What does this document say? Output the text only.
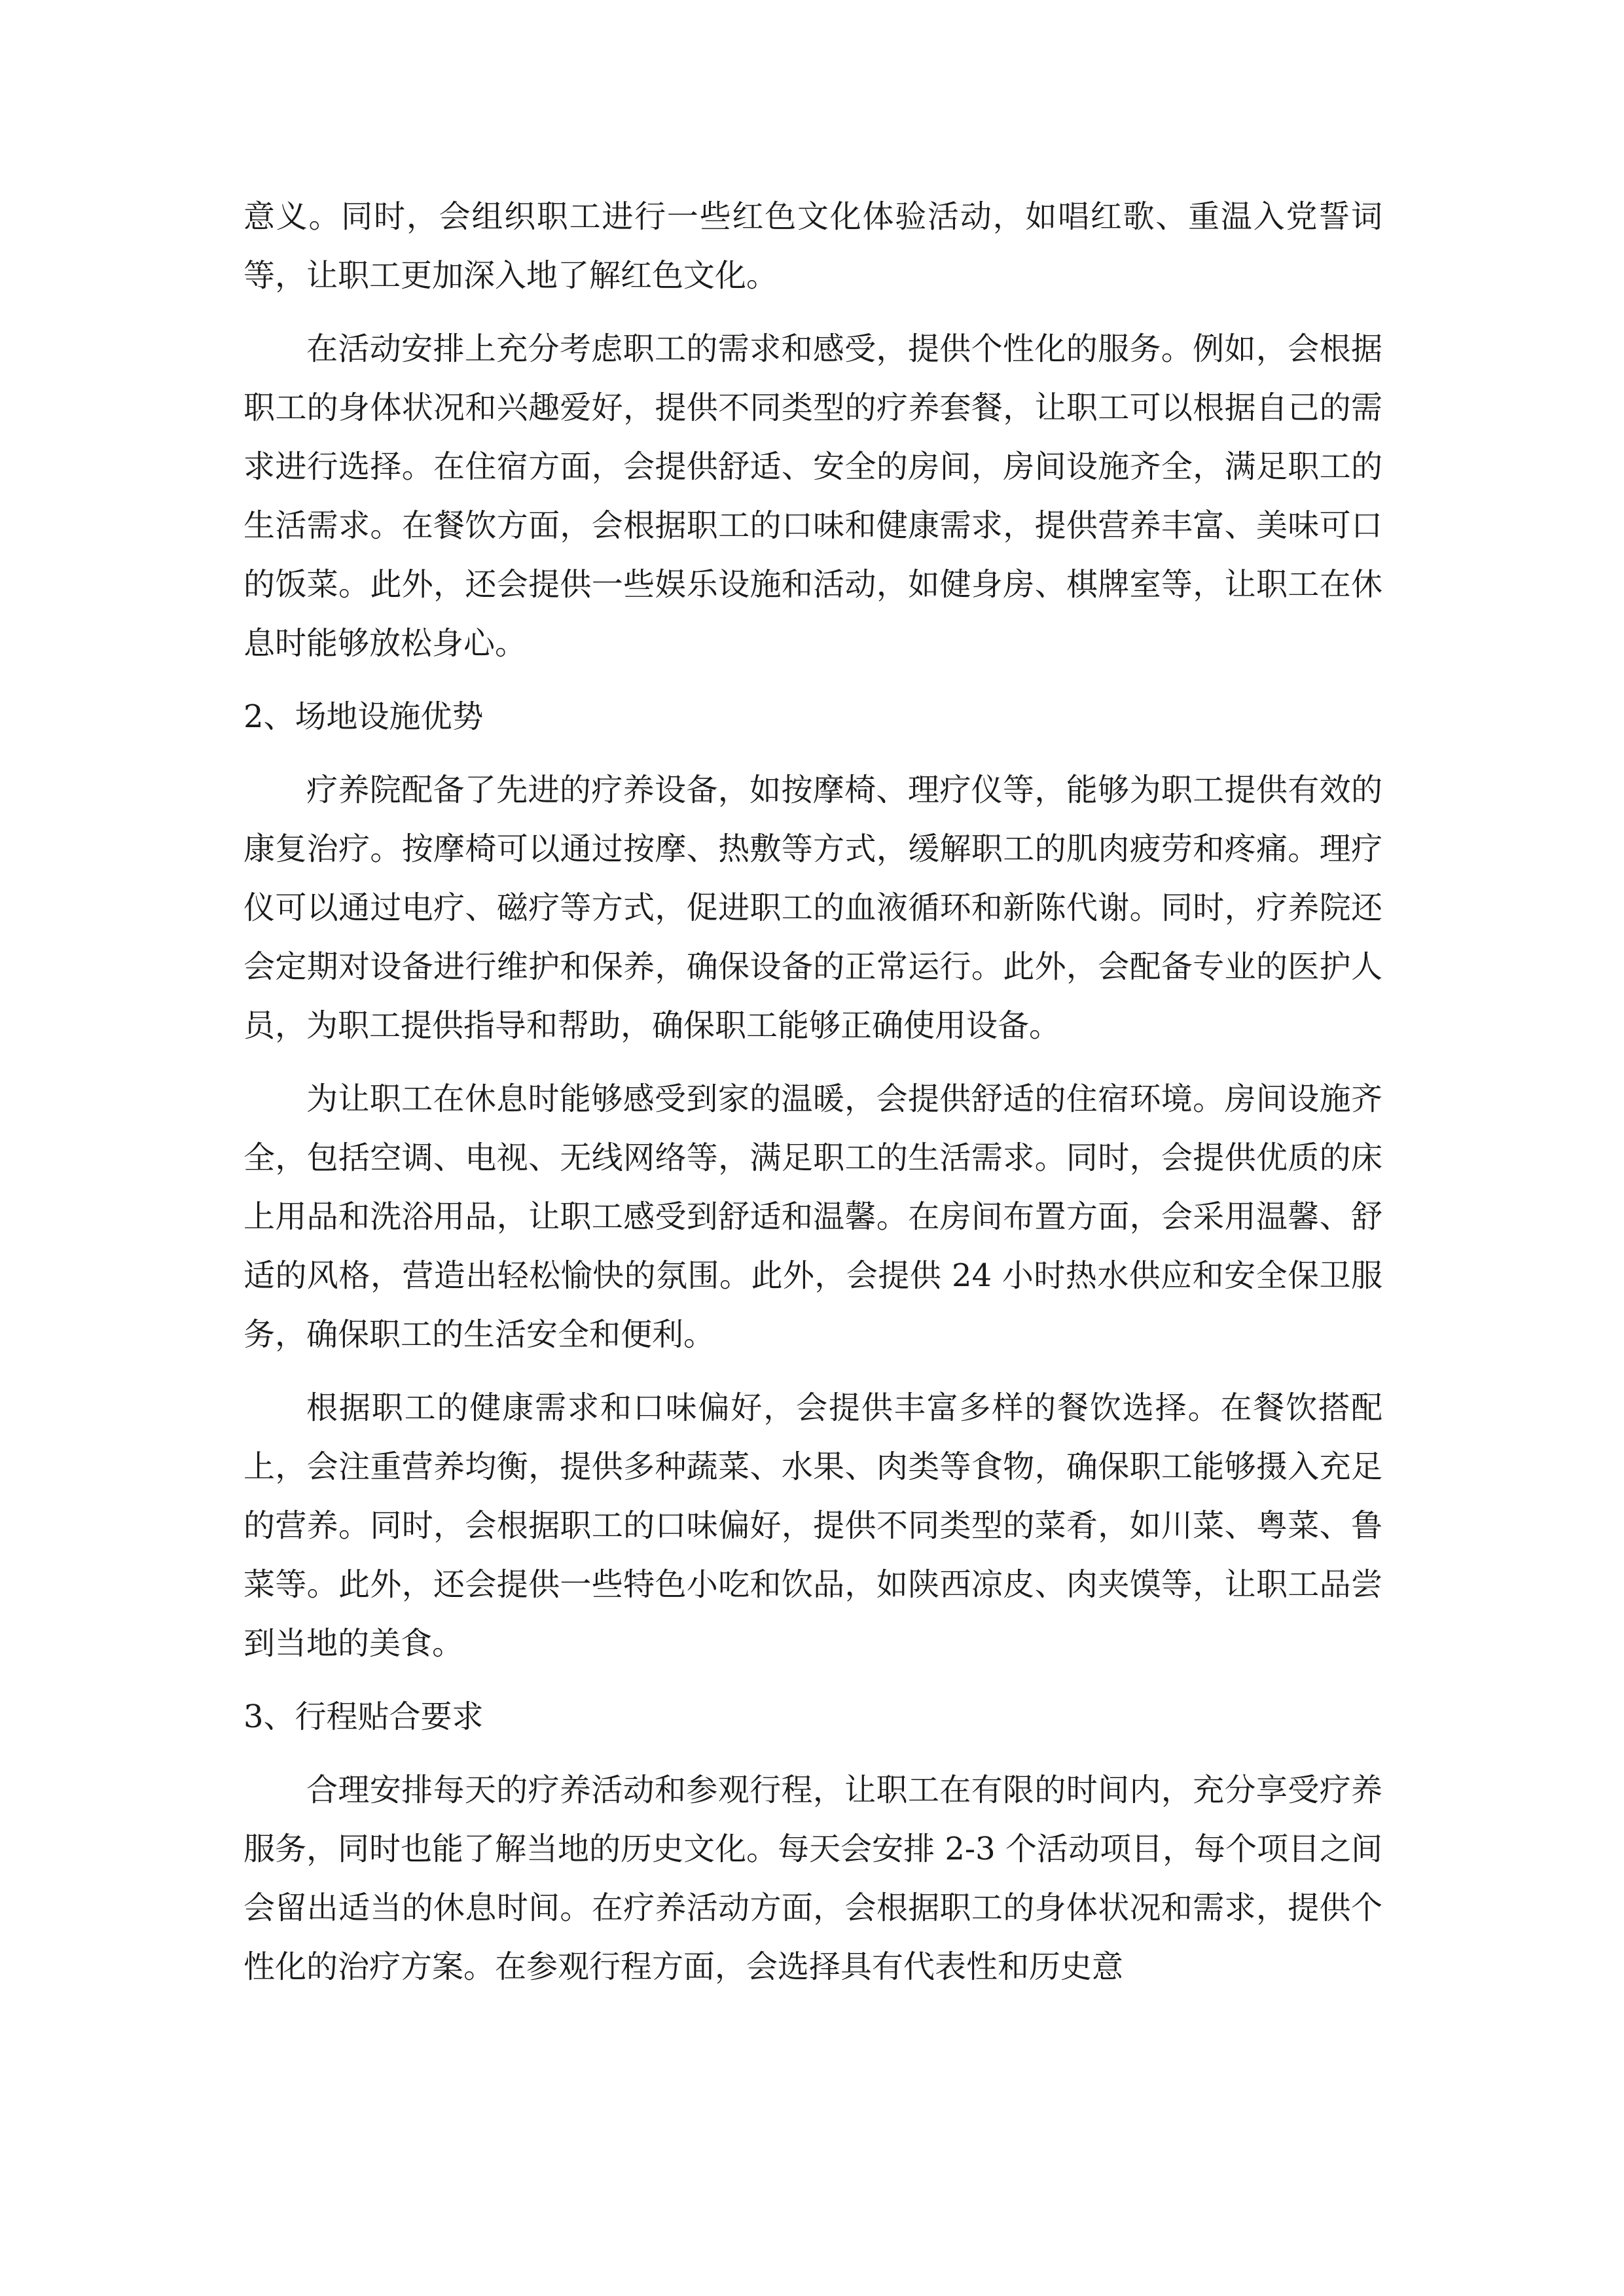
意义。同时，会组织职工进行一些红色文化体验活动，如唱红歌、重温入党誓词等，让职工更加深入地了解红色文化。

在活动安排上充分考虑职工的需求和感受，提供个性化的服务。例如，会根据职工的身体状况和兴趣爱好，提供不同类型的疗养套餐，让职工可以根据自己的需求进行选择。在住宿方面，会提供舒适、安全的房间，房间设施齐全，满足职工的生活需求。在餐饮方面，会根据职工的口味和健康需求，提供营养丰富、美味可口的饭菜。此外，还会提供一些娱乐设施和活动，如健身房、棋牌室等，让职工在休息时能够放松身心。

2、场地设施优势

疗养院配备了先进的疗养设备，如按摩椅、理疗仪等，能够为职工提供有效的康复治疗。按摩椅可以通过按摩、热敷等方式，缓解职工的肌肉疲劳和疼痛。理疗仪可以通过电疗、磁疗等方式，促进职工的血液循环和新陈代谢。同时，疗养院还会定期对设备进行维护和保养，确保设备的正常运行。此外，会配备专业的医护人员，为职工提供指导和帮助，确保职工能够正确使用设备。

为让职工在休息时能够感受到家的温暖，会提供舒适的住宿环境。房间设施齐全，包括空调、电视、无线网络等，满足职工的生活需求。同时，会提供优质的床上用品和洗浴用品，让职工感受到舒适和温馨。在房间布置方面，会采用温馨、舒适的风格，营造出轻松愉快的氛围。此外，会提供 24 小时热水供应和安全保卫服务，确保职工的生活安全和便利。

根据职工的健康需求和口味偏好，会提供丰富多样的餐饮选择。在餐饮搭配上，会注重营养均衡，提供多种蔬菜、水果、肉类等食物，确保职工能够摄入充足的营养。同时，会根据职工的口味偏好，提供不同类型的菜肴，如川菜、粤菜、鲁菜等。此外，还会提供一些特色小吃和饮品，如陕西凉皮、肉夹馍等，让职工品尝到当地的美食。

3、行程贴合要求

合理安排每天的疗养活动和参观行程，让职工在有限的时间内，充分享受疗养服务，同时也能了解当地的历史文化。每天会安排 2-3 个活动项目，每个项目之间会留出适当的休息时间。在疗养活动方面，会根据职工的身体状况和需求，提供个性化的治疗方案。在参观行程方面，会选择具有代表性和历史意
